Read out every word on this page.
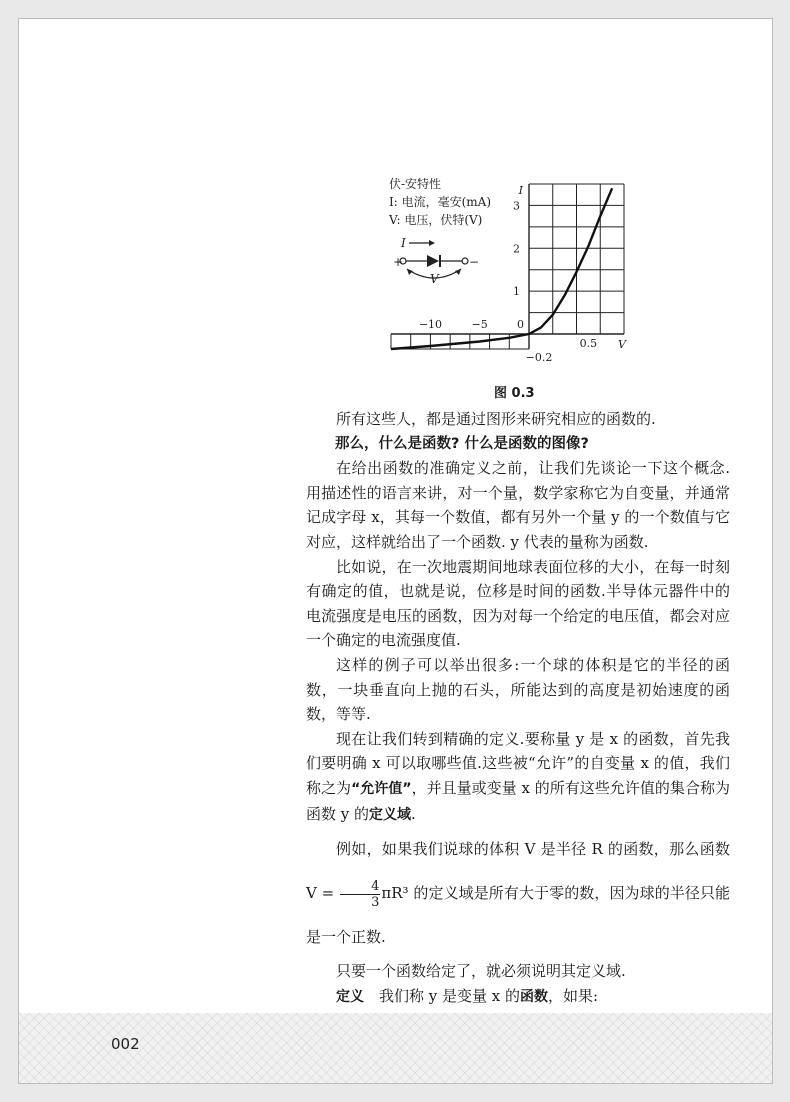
伏-安特性
I: 电流，毫安(mA)
V: 电压，伏特(V)
−10	−5	0
0.5
1
2
3
−0.2
V
I
I
+	−
V
图 0.3

所有这些人，都是通过图形来研究相应的函数的.

那么，什么是函数? 什么是函数的图像?

在给出函数的准确定义之前，让我们先谈论一下这个概念.用描述性的语言来讲，对一个量，数学家称它为自变量，并通常记成字母 x，其每一个数值，都有另外一个量 y 的一个数值与它对应，这样就给出了一个函数. y 代表的量称为函数.

比如说，在一次地震期间地球表面位移的大小，在每一时刻有确定的值，也就是说，位移是时间的函数.半导体元器件中的电流强度是电压的函数，因为对每一个给定的电压值，都会对应一个确定的电流强度值.

这样的例子可以举出很多:一个球的体积是它的半径的函数，一块垂直向上抛的石头，所能达到的高度是初始速度的函数，等等.

现在让我们转到精确的定义.要称量 y 是 x 的函数，首先我们要明确 x 可以取哪些值.这些被“允许”的自变量 x 的值，我们称之为“允许值”，并且量或变量 x 的所有这些允许值的集合称为函数 y 的定义域.

例如，如果我们说球的体积 V 是半径 R 的函数，那么函数 $V = \frac{4}{3} \pi R^3$ 的定义域是所有大于零的数，因为球的半径只能是一个正数.

只要一个函数给定了，就必须说明其定义域.

定义　我们称 y 是变量 x 的函数，如果:

002
